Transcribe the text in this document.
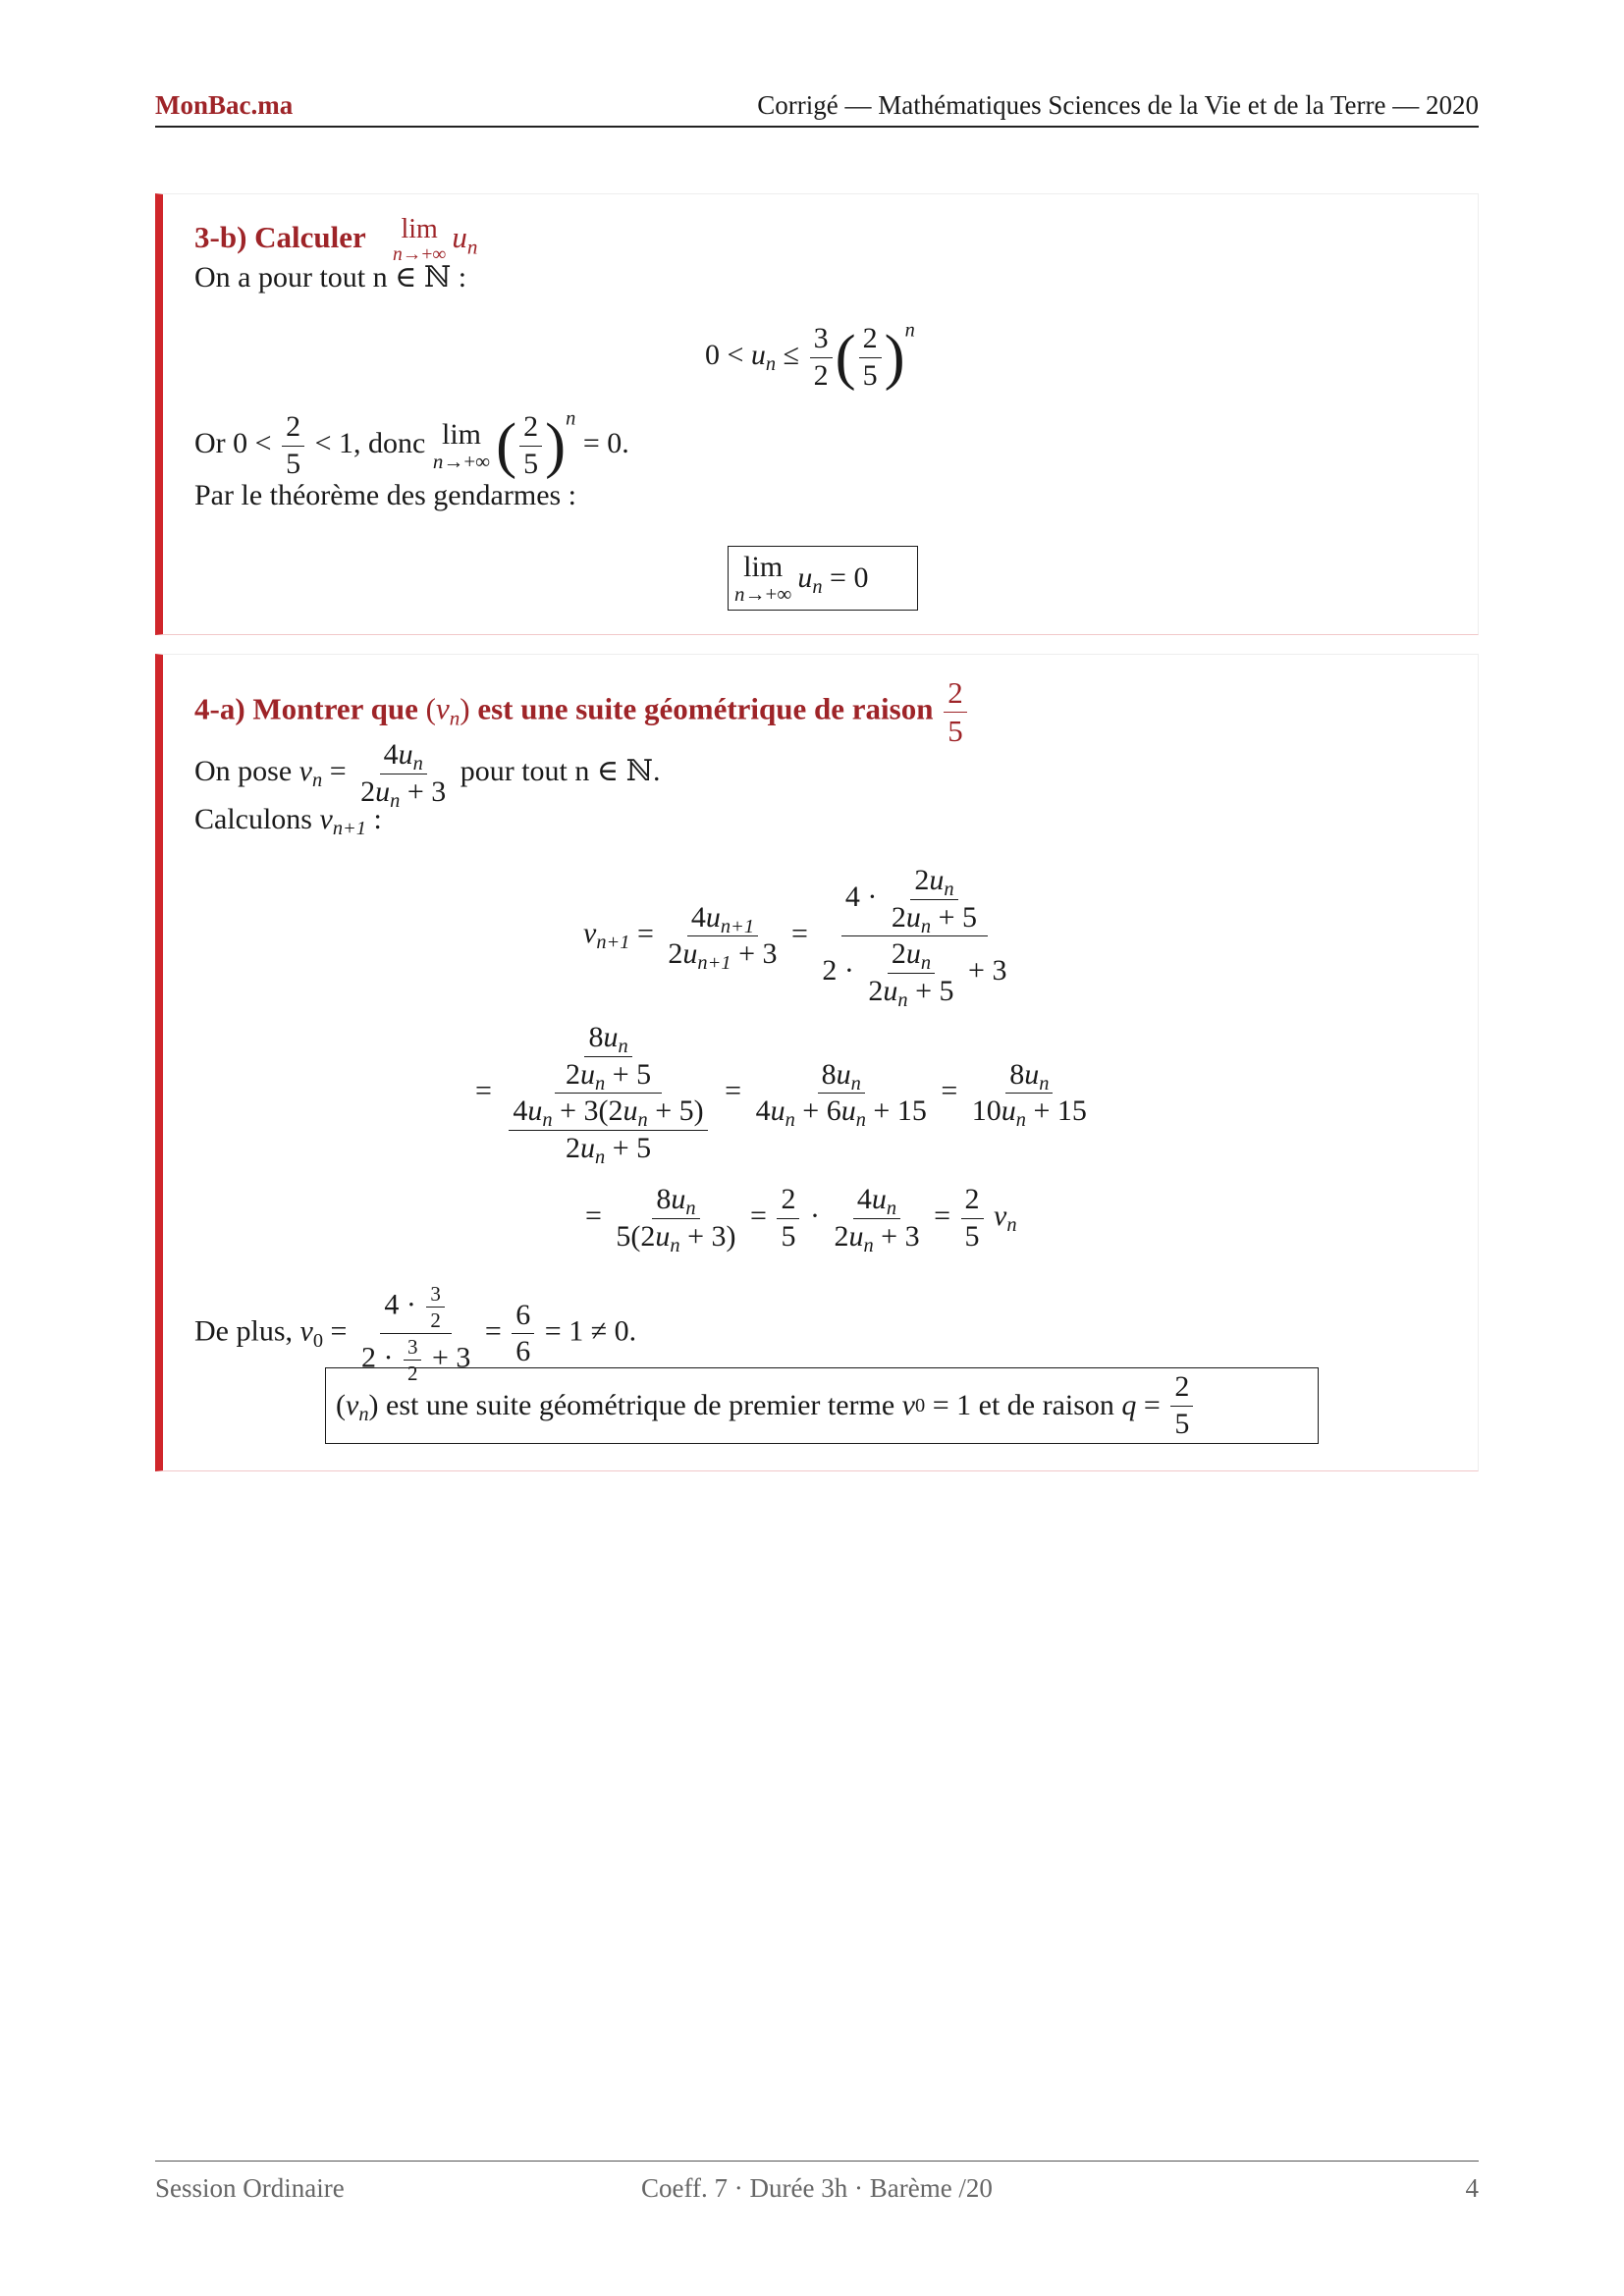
MonBac.ma	Corrigé — Mathématiques Sciences de la Vie et de la Terre — 2020
3-b) Calculer lim
n→+∞
$u_n$
On a pour tout n ∈ ℕ :
$0 < u_n \le \frac{3}{2}$ ( $\frac{2}{5} )^n$
Or $0 < \frac{2}{5} < 1$, donc lim
n→+∞ ( $\frac{2}{5} )^n = 0$.
Par le théorème des gendarmes :
lim
n→+∞ $u_n = 0$
4-a) Montrer que $(v_n)$ est une suite géométrique de raison $\frac{2}{5}$
On pose $v_n = \frac{4u_n}{2u_n + 3}$ pour tout n ∈ ℕ.
Calculons $v_{n+1}$ :
$v_{n+1} = \frac{4u_{n+1}}{2u_{n+1} + 3} = \frac{4 \cdot \frac{2u_n}{2u_n + 5}}{2 \cdot \frac{2u_n}{2u_n + 5} + 3}$
= $\frac{\frac{8u_n}{2u_n + 5}}{\frac{4u_n + 3(2u_n + 5)}{2u_n + 5}} = \frac{8u_n}{4u_n + 6u_n + 15} = \frac{8u_n}{10u_n + 15}$
= $\frac{8u_n}{5(2u_n + 3)} = \frac{2}{5} \cdot \frac{4u_n}{2u_n + 3} = \frac{2}{5} v_n$
De plus, $v_0 = \frac{4 \cdot \frac{3}{2}}{2 \cdot \frac{3}{2} + 3} = \frac{6}{6} = 1 \ne 0$.
( $v_n$ ) est une suite géométrique de premier terme
v 0 = 1 et de raison $q = \frac{2}{5}$
Session Ordinaire	Coeff. 7 · Durée 3h · Barème /20	4
